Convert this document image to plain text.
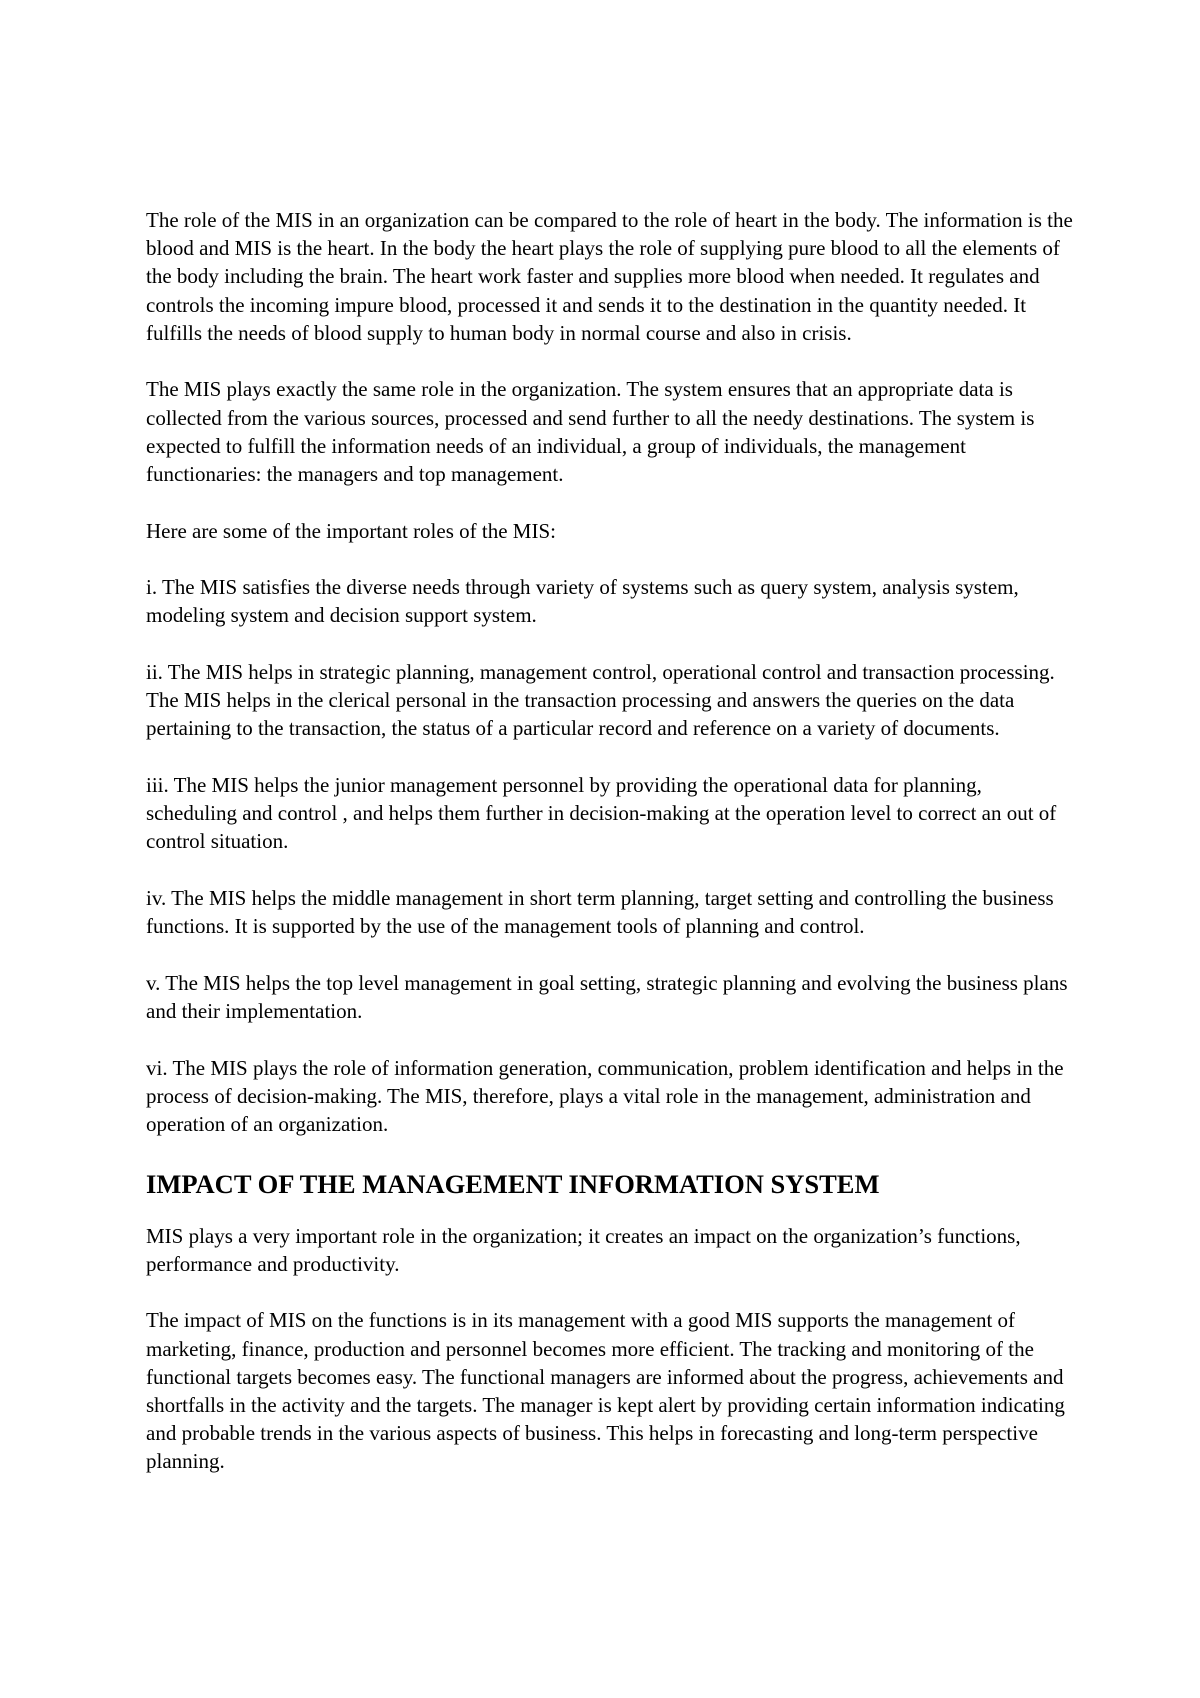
The role of the MIS in an organization can be compared to the role of heart in the body. The information is the blood and MIS is the heart. In the body the heart plays the role of supplying pure blood to all the elements of the body including the brain. The heart work faster and supplies more blood when needed. It regulates and controls the incoming impure blood, processed it and sends it to the destination in the quantity needed. It fulfills the needs of blood supply to human body in normal course and also in crisis.

The MIS plays exactly the same role in the organization. The system ensures that an appropriate data is collected from the various sources, processed and send further to all the needy destinations. The system is expected to fulfill the information needs of an individual, a group of individuals, the management functionaries: the managers and top management.

Here are some of the important roles of the MIS:

i. The MIS satisfies the diverse needs through variety of systems such as query system, analysis system, modeling system and decision support system.

ii. The MIS helps in strategic planning, management control, operational control and transaction processing. The MIS helps in the clerical personal in the transaction processing and answers the queries on the data pertaining to the transaction, the status of a particular record and reference on a variety of documents.

iii. The MIS helps the junior management personnel by providing the operational data for planning, scheduling and control , and helps them further in decision-making at the operation level to correct an out of control situation.

iv. The MIS helps the middle management in short term planning, target setting and controlling the business functions. It is supported by the use of the management tools of planning and control.

v. The MIS helps the top level management in goal setting, strategic planning and evolving the business plans and their implementation.

vi. The MIS plays the role of information generation, communication, problem identification and helps in the process of decision-making. The MIS, therefore, plays a vital role in the management, administration and operation of an organization.

IMPACT OF THE MANAGEMENT INFORMATION SYSTEM

MIS plays a very important role in the organization; it creates an impact on the organization’s functions, performance and productivity.

The impact of MIS on the functions is in its management with a good MIS supports the management of marketing, finance, production and personnel becomes more efficient. The tracking and monitoring of the functional targets becomes easy. The functional managers are informed about the progress, achievements and shortfalls in the activity and the targets. The manager is kept alert by providing certain information indicating and probable trends in the various aspects of business. This helps in forecasting and long-term perspective planning.
